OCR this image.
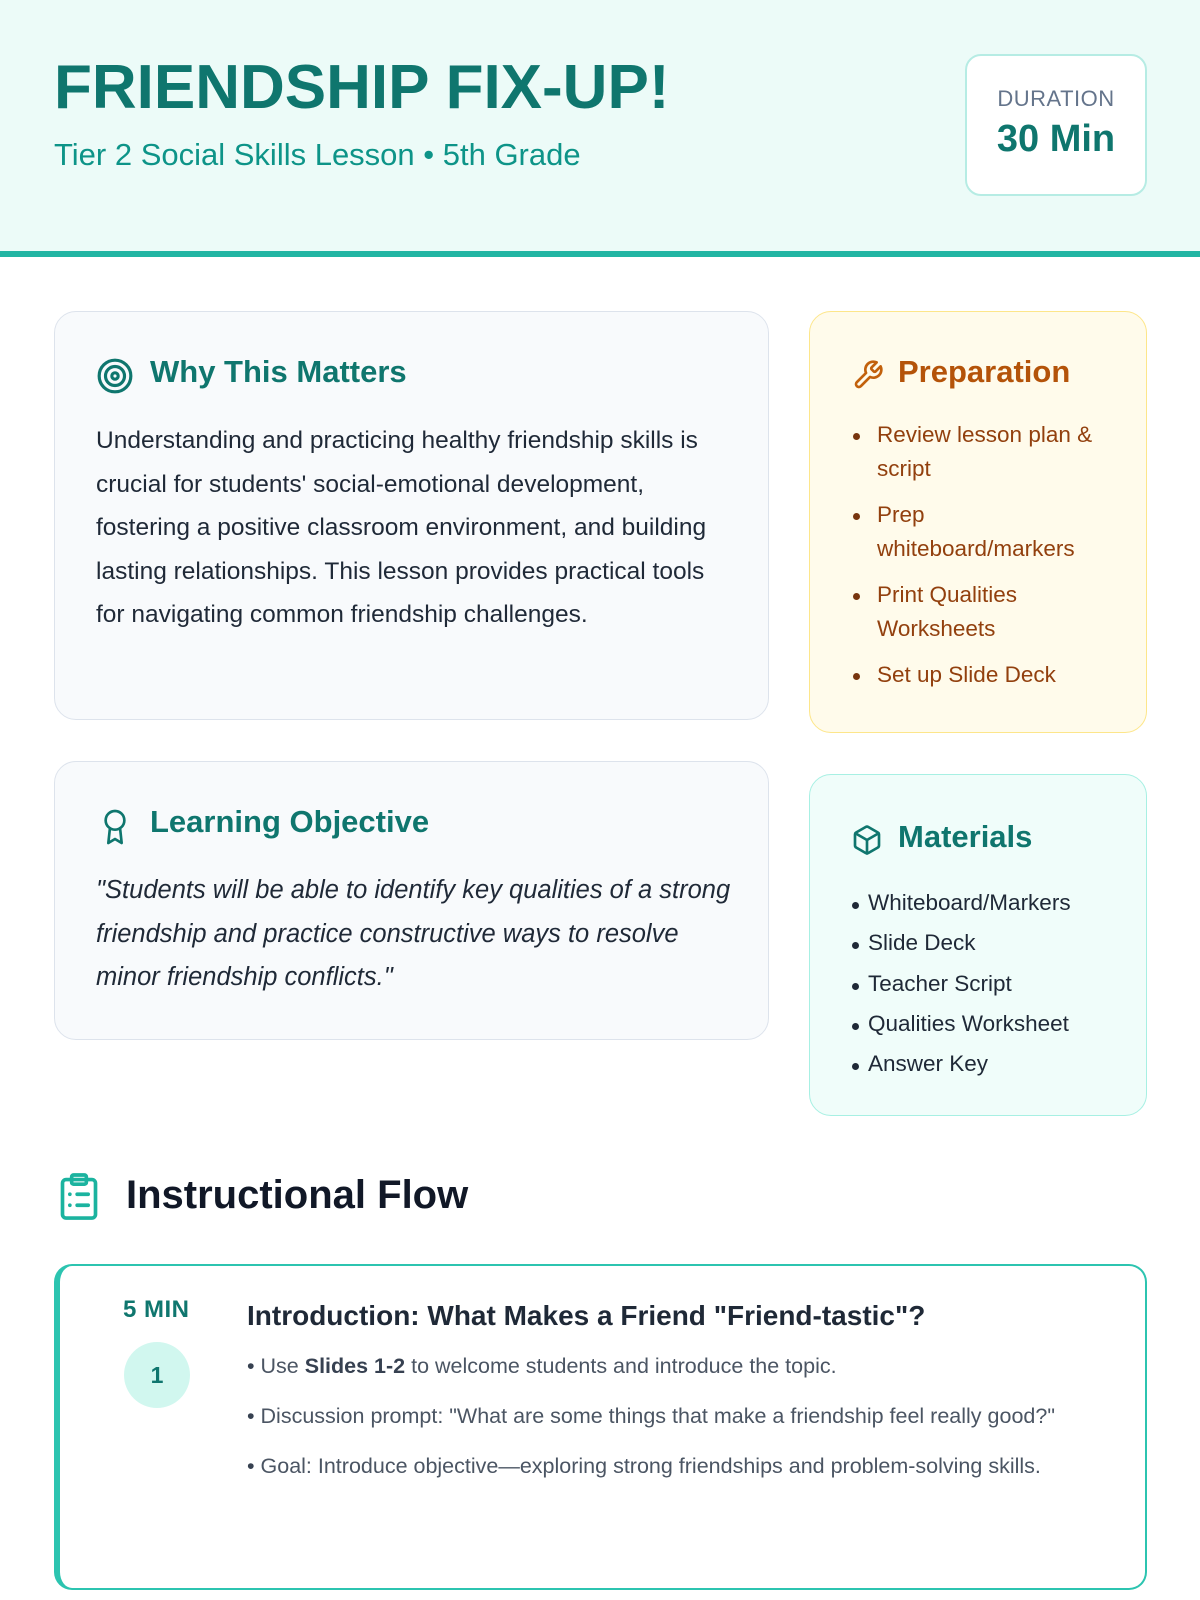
FRIENDSHIP FIX-UP!
Tier 2 Social Skills Lesson • 5th Grade
DURATION
30 Min
Why This Matters
Understanding and practicing healthy friendship skills is crucial for students' social-emotional development, fostering a positive classroom environment, and building lasting relationships. This lesson provides practical tools for navigating common friendship challenges.
Learning Objective
"Students will be able to identify key qualities of a strong friendship and practice constructive ways to resolve minor friendship conflicts."
Preparation
Review lesson plan & script
Prep whiteboard/markers
Print Qualities Worksheets
Set up Slide Deck
Materials
Whiteboard/Markers
Slide Deck
Teacher Script
Qualities Worksheet
Answer Key
Instructional Flow
5 MIN
1
Introduction: What Makes a Friend "Friend-tastic"?
• Use Slides 1-2 to welcome students and introduce the topic.
• Discussion prompt: "What are some things that make a friendship feel really good?"
• Goal: Introduce objective—exploring strong friendships and problem-solving skills.
